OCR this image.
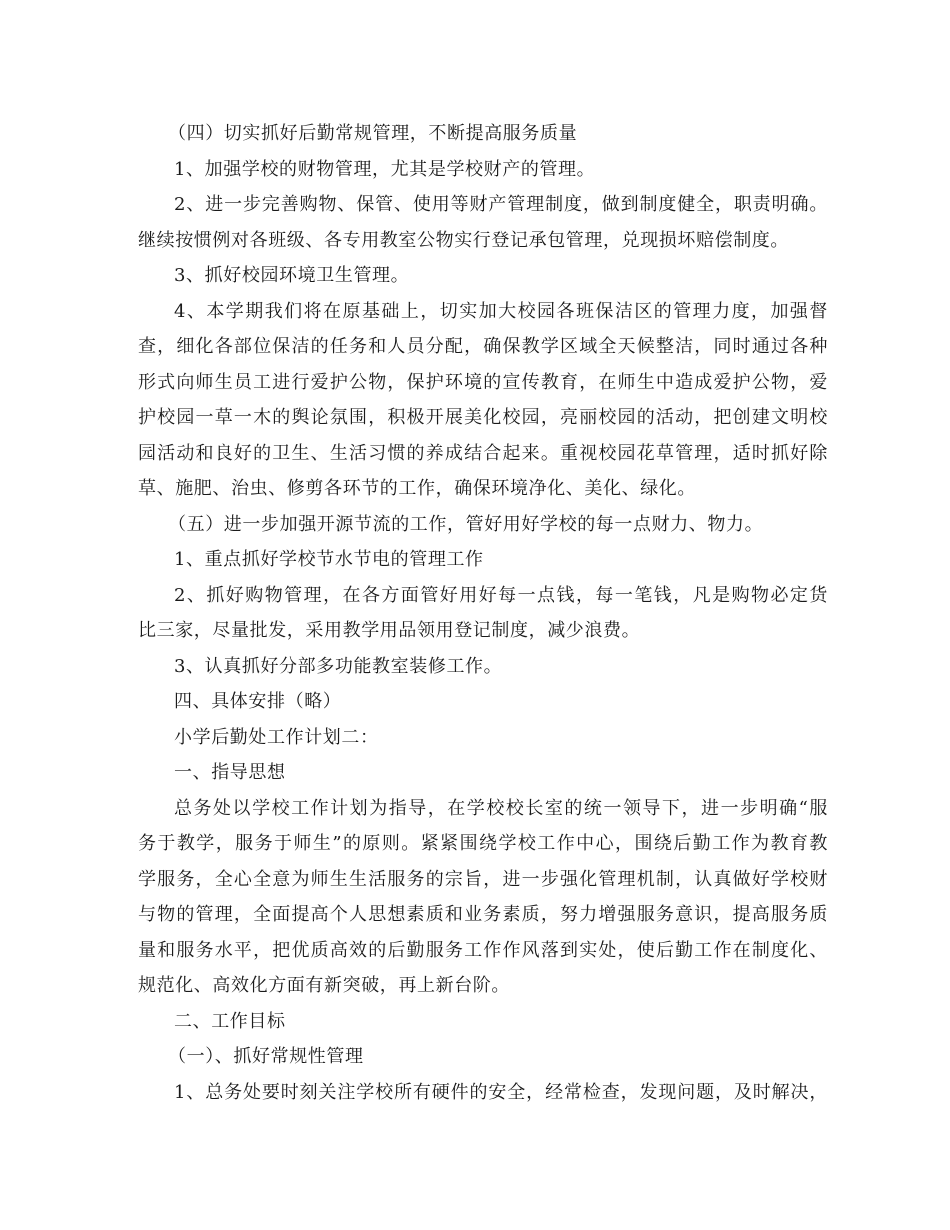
（四）切实抓好后勤常规管理，不断提高服务质量
1、加强学校的财物管理，尤其是学校财产的管理。
2、进一步完善购物、保管、使用等财产管理制度，做到制度健全，职责明确。
继续按惯例对各班级、各专用教室公物实行登记承包管理，兑现损坏赔偿制度。
3、抓好校园环境卫生管理。
4、本学期我们将在原基础上，切实加大校园各班保洁区的管理力度，加强督
查，细化各部位保洁的任务和人员分配，确保教学区域全天候整洁，同时通过各种
形式向师生员工进行爱护公物，保护环境的宣传教育，在师生中造成爱护公物，爱
护校园一草一木的舆论氛围，积极开展美化校园，亮丽校园的活动，把创建文明校
园活动和良好的卫生、生活习惯的养成结合起来。重视校园花草管理，适时抓好除
草、施肥、治虫、修剪各环节的工作，确保环境净化、美化、绿化。
（五）进一步加强开源节流的工作，管好用好学校的每一点财力、物力。
1、重点抓好学校节水节电的管理工作
2、抓好购物管理，在各方面管好用好每一点钱，每一笔钱，凡是购物必定货
比三家，尽量批发，采用教学用品领用登记制度，减少浪费。
3、认真抓好分部多功能教室装修工作。
四、具体安排（略）
小学后勤处工作计划二：
一、指导思想
总务处以学校工作计划为指导，在学校校长室的统一领导下，进一步明确“服
务于教学，服务于师生”的原则。紧紧围绕学校工作中心，围绕后勤工作为教育教
学服务，全心全意为师生生活服务的宗旨，进一步强化管理机制，认真做好学校财
与物的管理，全面提高个人思想素质和业务素质，努力增强服务意识，提高服务质
量和服务水平，把优质高效的后勤服务工作作风落到实处，使后勤工作在制度化、
规范化、高效化方面有新突破，再上新台阶。
二、工作目标
（一）、抓好常规性管理
1、总务处要时刻关注学校所有硬件的安全，经常检查，发现问题，及时解决，
